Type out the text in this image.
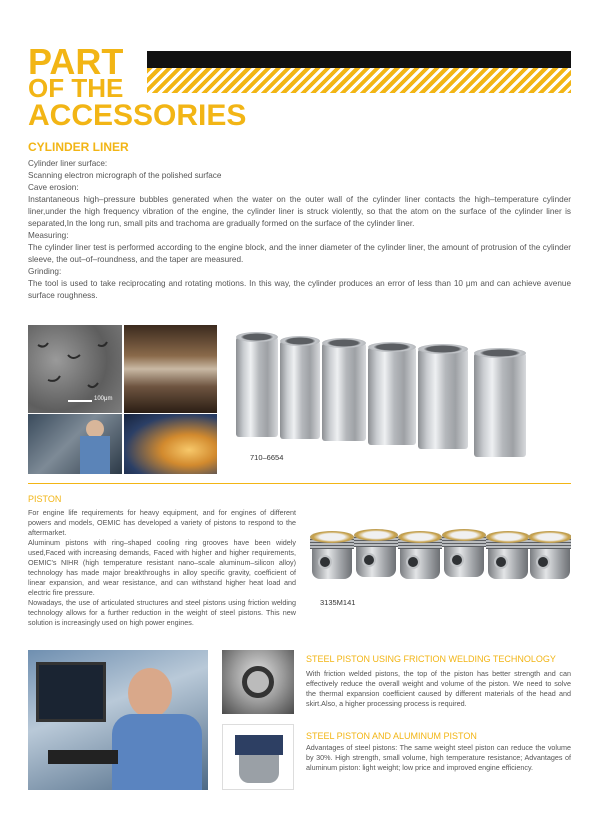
PART
OF THE
ACCESSORIES
CYLINDER LINER

Cylinder liner surface:

Scanning electron micrograph of the polished surface

Cave erosion:

Instantaneous high–pressure bubbles generated when the water on the outer wall of the cylinder liner contacts the high–temperature cylinder liner,under the high frequency vibration of the engine, the cylinder liner is struck violently, so that the atom on the surface of the cylinder liner is separated,In the long run, small pits and trachoma are gradually formed on the surface of the cylinder liner.

Measuring:

The cylinder liner test is performed according to the engine block, and the inner diameter of the cylinder liner, the amount of protrusion of the cylinder sleeve, the out–of–roundness, and the taper are measured.

Grinding:

The tool is used to take reciprocating and rotating motions. In this way, the cylinder produces an error of less than 10 μm and can achieve avenue surface roughness.

100μm
710–6654
PISTON

For engine life requirements for heavy equipment, and for engines of different powers and models, OEMIC has developed a variety of pistons to respond to the aftermarket.

Aluminum pistons with ring–shaped cooling ring grooves have been widely used,Faced with increasing demands, Faced with higher and higher requirements, OEMIC's NIHR (high temperature resistant nano–scale aluminum–silicon alloy) technology has made major breakthroughs in alloy specific gravity, coefficient of linear expansion, and wear resistance, and can withstand higher heat load and electric fire pressure.

Nowadays, the use of articulated structures and steel pistons using friction welding technology allows for a further reduction in the weight of steel pistons. This new solution is increasingly used on high power engines.

3135M141
STEEL PISTON USING FRICTION WELDING TECHNOLOGY
With friction welded pistons, the top of the piston has better strength and can effectively reduce the overall weight and volume of the piston. We need to solve the thermal expansion coefficient caused by different materials of the head and skirt.Also, a higher processing process is required.
STEEL PISTON AND ALUMINUM PISTON
Advantages of steel pistons: The same weight steel piston can reduce the volume by 30%. High strength, small volume, high temperature resistance; Advantages of aluminum piston: light weight; low price and improved engine efficiency.
